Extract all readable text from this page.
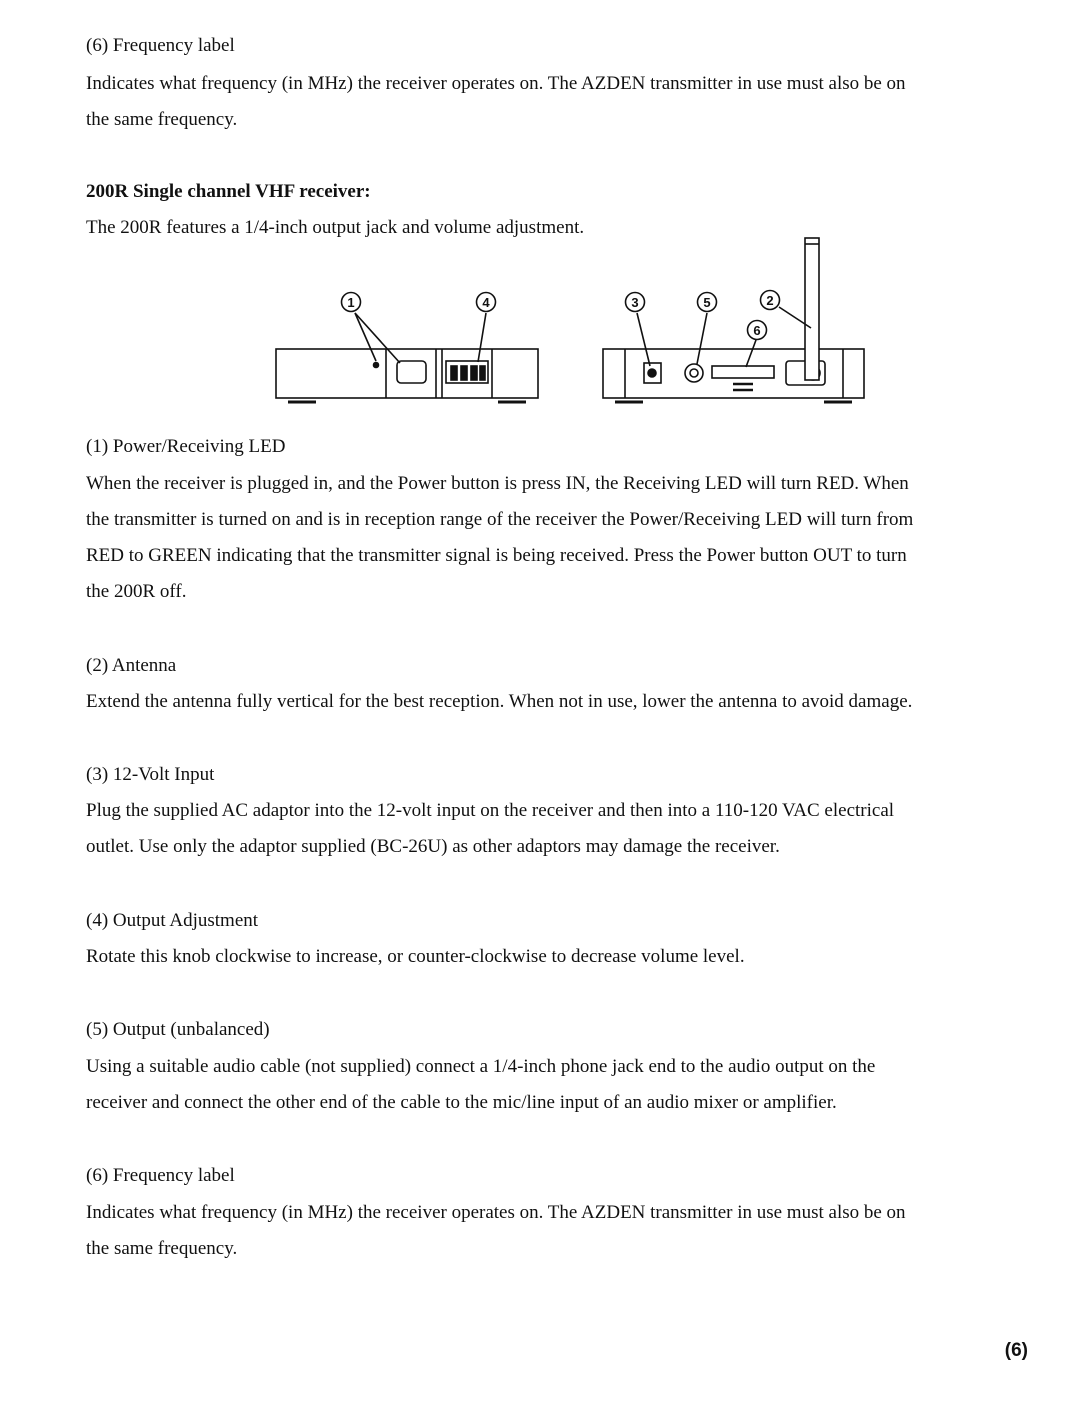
(6) Frequency label
Indicates what frequency (in MHz) the receiver operates on. The AZDEN transmitter in use must also be on
the same frequency.
200R Single channel VHF receiver:
The 200R features a 1/4-inch output jack and volume adjustment.
1	4	3	5	2
6
(1) Power/Receiving LED
When the receiver is plugged in, and the Power button is press IN, the Receiving LED will turn RED. When
the transmitter is turned on and is in reception range of the receiver the Power/Receiving LED will turn from
RED to GREEN indicating that the transmitter signal is being received. Press the Power button OUT to turn
the 200R off.
(2) Antenna
Extend the antenna fully vertical for the best reception. When not in use, lower the antenna to avoid damage.
(3) 12-Volt Input
Plug the supplied AC adaptor into the 12-volt input on the receiver and then into a 110-120 VAC electrical
outlet. Use only the adaptor supplied (BC-26U) as other adaptors may damage the receiver.
(4) Output Adjustment
Rotate this knob clockwise to increase, or counter-clockwise to decrease volume level.
(5) Output (unbalanced)
Using a suitable audio cable (not supplied) connect a 1/4-inch phone jack end to the audio output on the
receiver and connect the other end of the cable to the mic/line input of an audio mixer or amplifier.
(6) Frequency label
Indicates what frequency (in MHz) the receiver operates on. The AZDEN transmitter in use must also be on
the same frequency.
(6)
